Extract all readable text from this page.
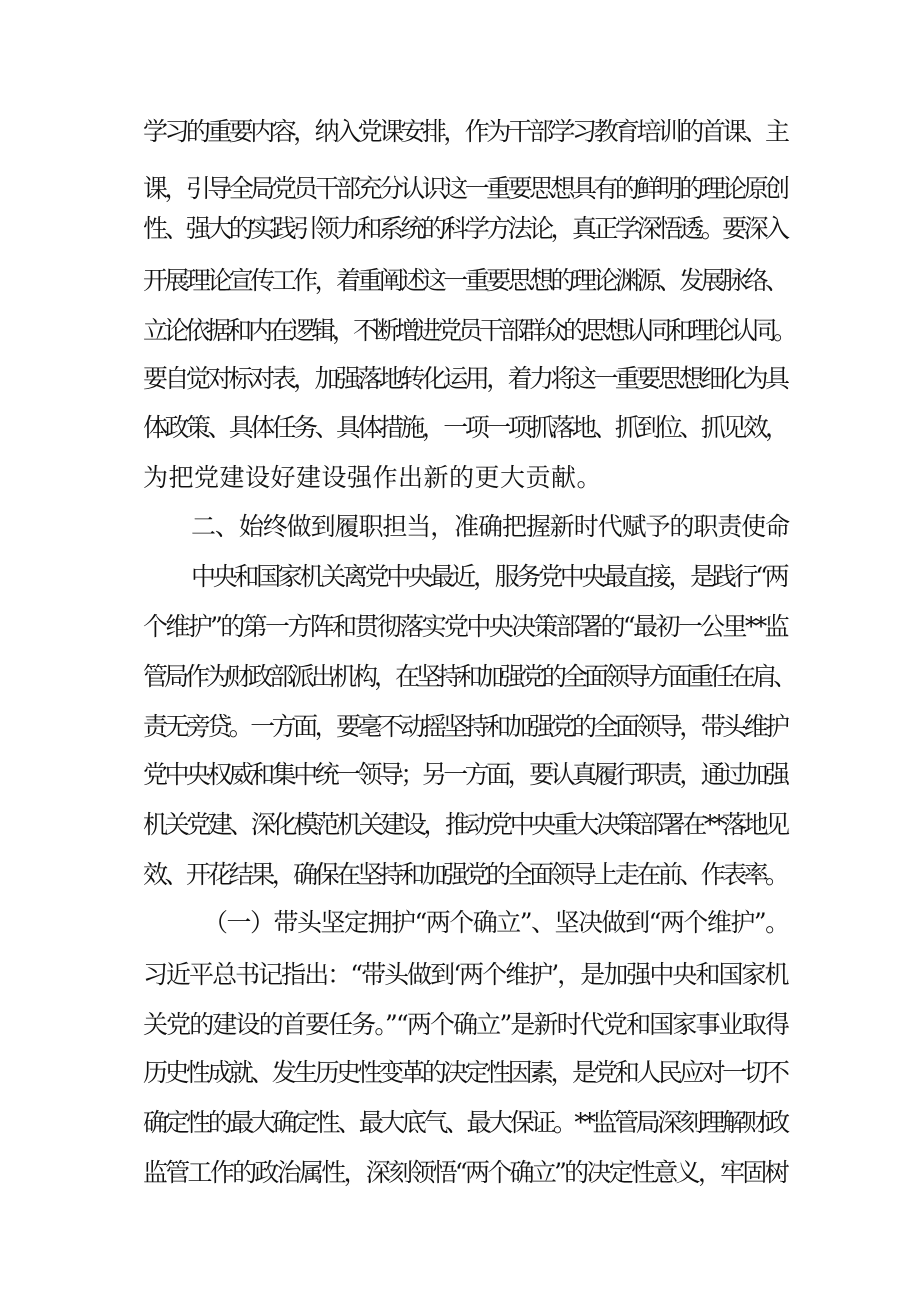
学习的重要内容，纳入党课安排，作为干部学习教育培训的首课、主
课，引导全局党员干部充分认识这一重要思想具有的鲜明的理论原创
性、强大的实践引领力和系统的科学方法论，真正学深悟透。要深入
开展理论宣传工作，着重阐述这一重要思想的理论渊源、发展脉络、
立论依据和内在逻辑，不断增进党员干部群众的思想认同和理论认同。
要自觉对标对表，加强落地转化运用，着力将这一重要思想细化为具
体政策、具体任务、具体措施，一项一项抓落地、抓到位、抓见效，
为把党建设好建设强作出新的更大贡献。
二、始终做到履职担当，准确把握新时代赋予的职责使命
中央和国家机关离党中央最近，服务党中央最直接，是践行“两
个维护”的第一方阵和贯彻落实党中央决策部署的“最初一公里**监
管局作为财政部派出机构，在坚持和加强党的全面领导方面重任在肩、
责无旁贷。一方面，要毫不动摇坚持和加强党的全面领导，带头维护
党中央权威和集中统一领导；另一方面，要认真履行职责，通过加强
机关党建、深化模范机关建设，推动党中央重大决策部署在**落地见
效、开花结果，确保在坚持和加强党的全面领导上走在前、作表率。
（一）带头坚定拥护“两个确立”、坚决做到“两个维护”。
习近平总书记指出：“带头做到‘两个维护’，是加强中央和国家机
关党的建设的首要任务。”“两个确立”是新时代党和国家事业取得
历史性成就、发生历史性变革的决定性因素，是党和人民应对一切不
确定性的最大确定性、最大底气、最大保证。**监管局深刻理解财政
监管工作的政治属性，深刻领悟“两个确立”的决定性意义，牢固树
